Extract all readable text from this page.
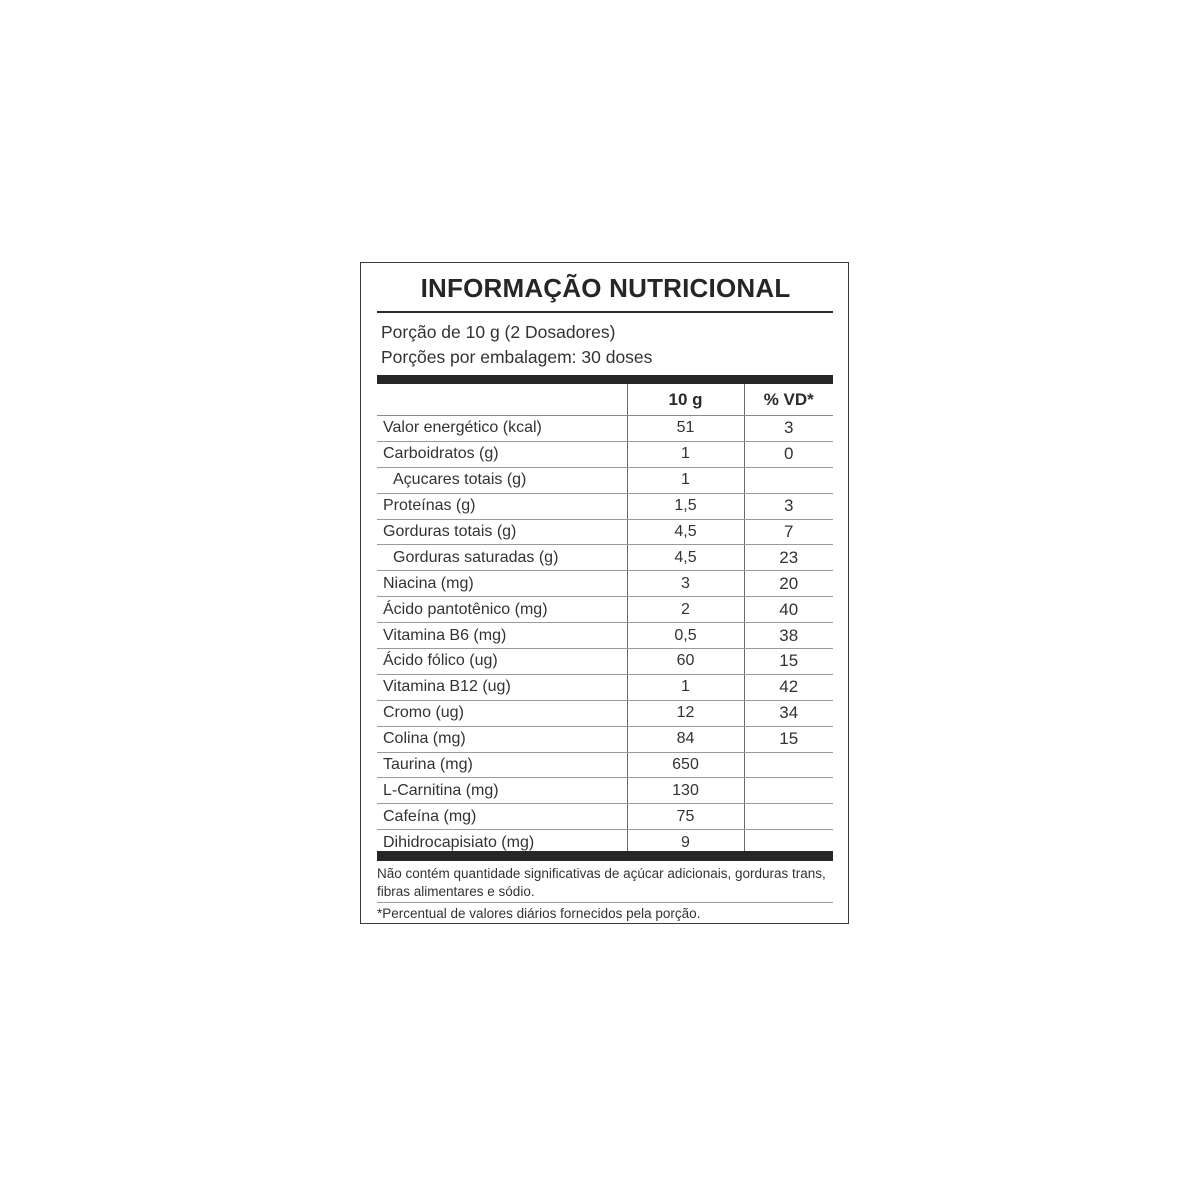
INFORMAÇÃO NUTRICIONAL
Porção de 10 g (2 Dosadores)
Porções por embalagem: 30 doses
	10 g	% VD*
Valor energético (kcal)	51	3
Carboidratos (g)	1	0
Açucares totais (g)	1	
Proteínas (g)	1,5	3
Gorduras totais (g)	4,5	7
Gorduras saturadas (g)	4,5	23
Niacina (mg)	3	20
Ácido pantotênico (mg)	2	40
Vitamina B6 (mg)	0,5	38
Ácido fólico (ug)	60	15
Vitamina B12 (ug)	1	42
Cromo (ug)	12	34
Colina (mg)	84	15
Taurina (mg)	650	
L-Carnitina (mg)	130	
Cafeína (mg)	75	
Dihidrocapisiato (mg)	9	
Não contém quantidade significativas de açúcar adicionais, gorduras trans, fibras alimentares e sódio.
*Percentual de valores diários fornecidos pela porção.
